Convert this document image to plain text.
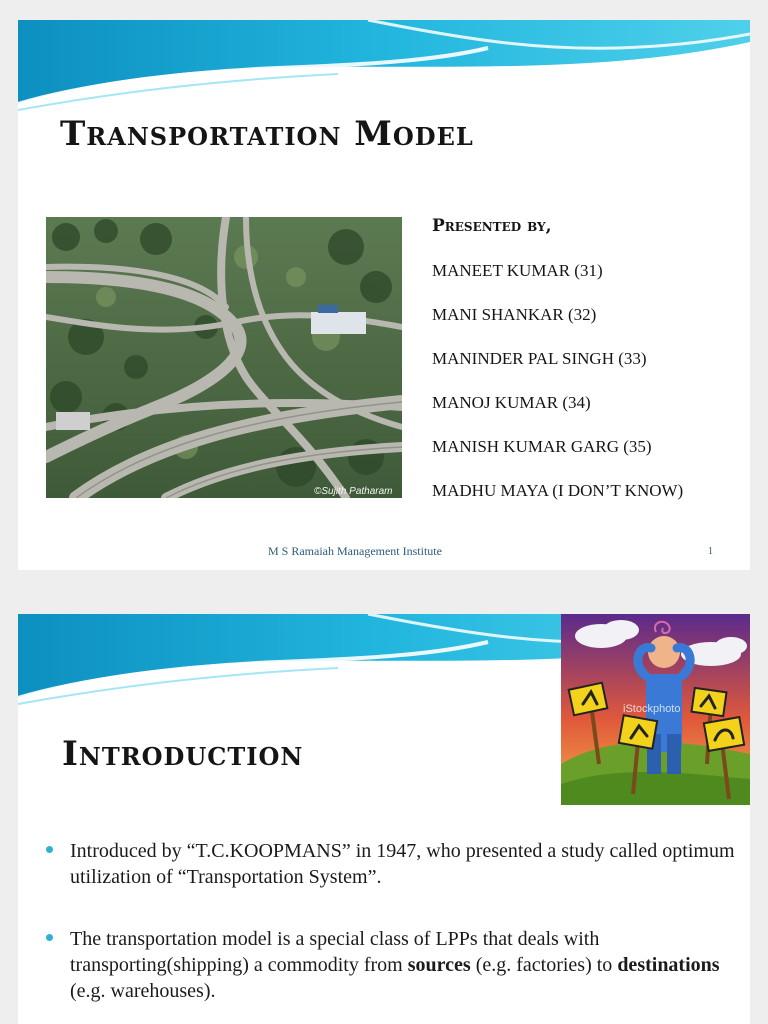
Transportation Model
©Sujith Patharam
Presented by,
MANEET KUMAR (31)
MANI SHANKAR (32)
MANINDER PAL SINGH (33)
MANOJ KUMAR (34)
MANISH KUMAR GARG (35)
MADHU MAYA (I DON’T KNOW)
M S Ramaiah Management Institute	1
iStockphoto
Introduction
Introduced by “T.C.KOOPMANS” in 1947, who presented a study called optimum utilization of “Transportation System”.
The transportation model is a special class of LPPs that deals with transporting(shipping) a commodity from sources (e.g. factories) to destinations (e.g. warehouses).
